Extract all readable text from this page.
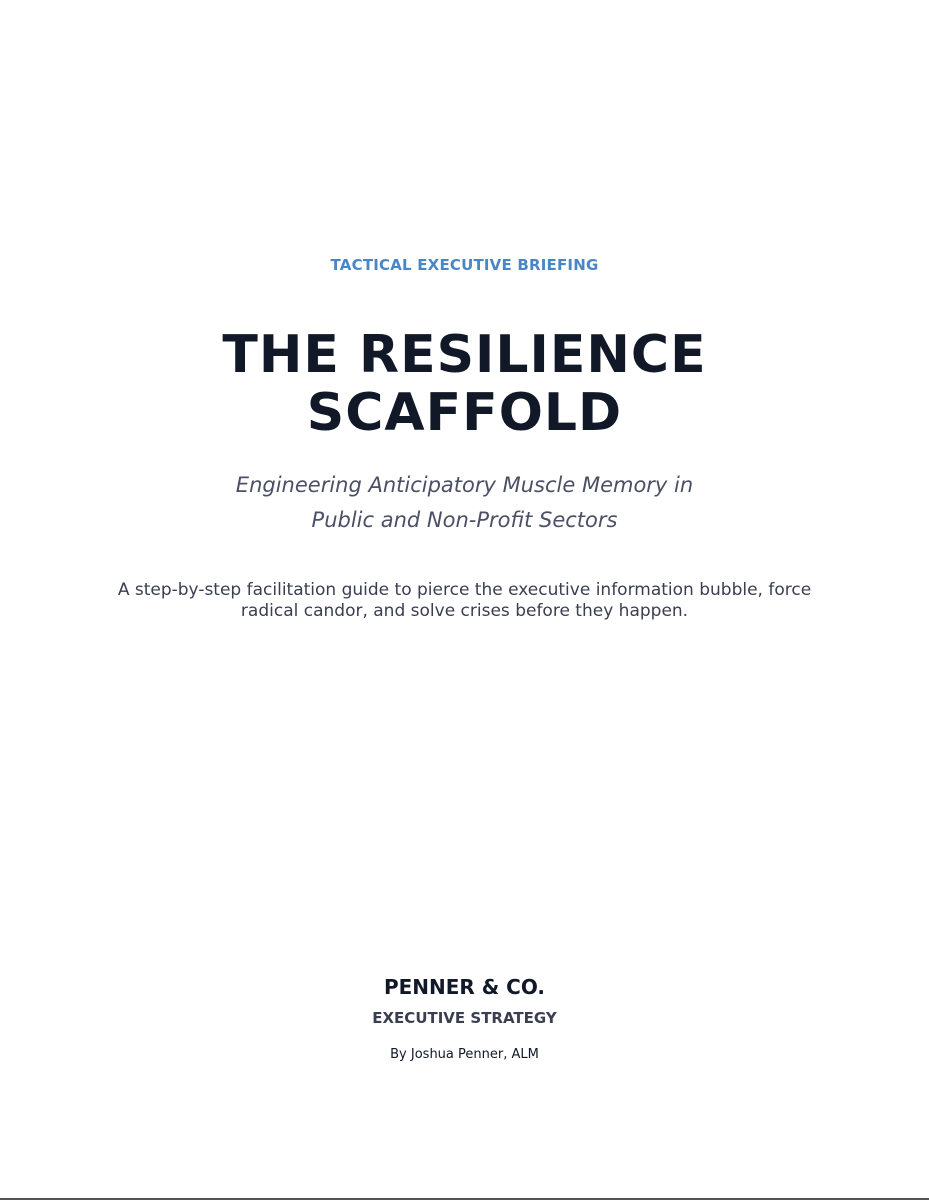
TACTICAL EXECUTIVE BRIEFING
THE RESILIENCE
SCAFFOLD
Engineering Anticipatory Muscle Memory in
Public and Non-Profit Sectors
A step-by-step facilitation guide to pierce the executive information bubble, force
radical candor, and solve crises before they happen.
PENNER & CO.
EXECUTIVE STRATEGY
By Joshua Penner, ALM
